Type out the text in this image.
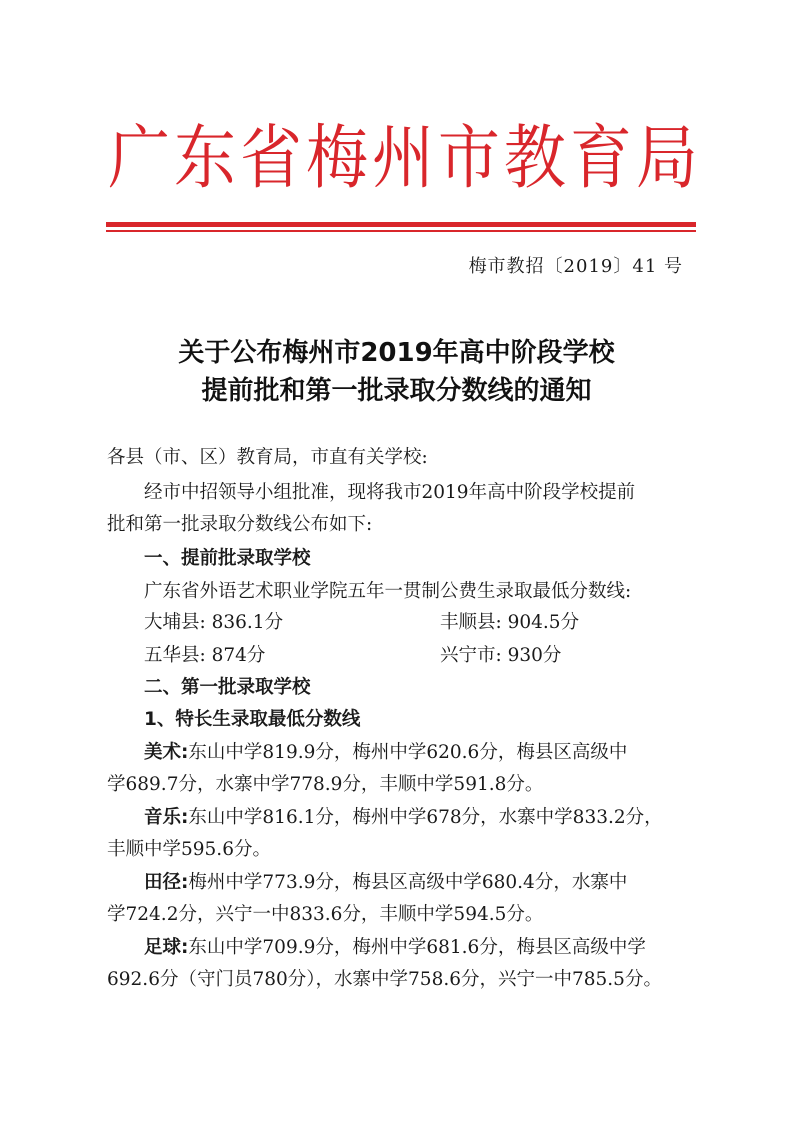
广 东 省 梅 州 市 教 育 局
梅市教招〔2019〕41 号
关于公布梅州市2019年高中阶段学校
提前批和第一批录取分数线的通知
各县（市、区）教育局，市直有关学校:
经市中招领导小组批准，现将我市2019年高中阶段学校提前
批和第一批录取分数线公布如下:
一、提前批录取学校
广东省外语艺术职业学院五年一贯制公费生录取最低分数线:
大埔县: 836.1分	丰顺县: 904.5分
五华县: 874分	兴宁市: 930分
二、第一批录取学校
1、特长生录取最低分数线
美术:东山中学819.9分，梅州中学620.6分，梅县区高级中
学689.7分，水寨中学778.9分，丰顺中学591.8分。
音乐:东山中学816.1分，梅州中学678分，水寨中学833.2分，
丰顺中学595.6分。
田径:梅州中学773.9分，梅县区高级中学680.4分，水寨中
学724.2分，兴宁一中833.6分，丰顺中学594.5分。
足球:东山中学709.9分，梅州中学681.6分，梅县区高级中学
692.6分（守门员780分），水寨中学758.6分，兴宁一中785.5分。
